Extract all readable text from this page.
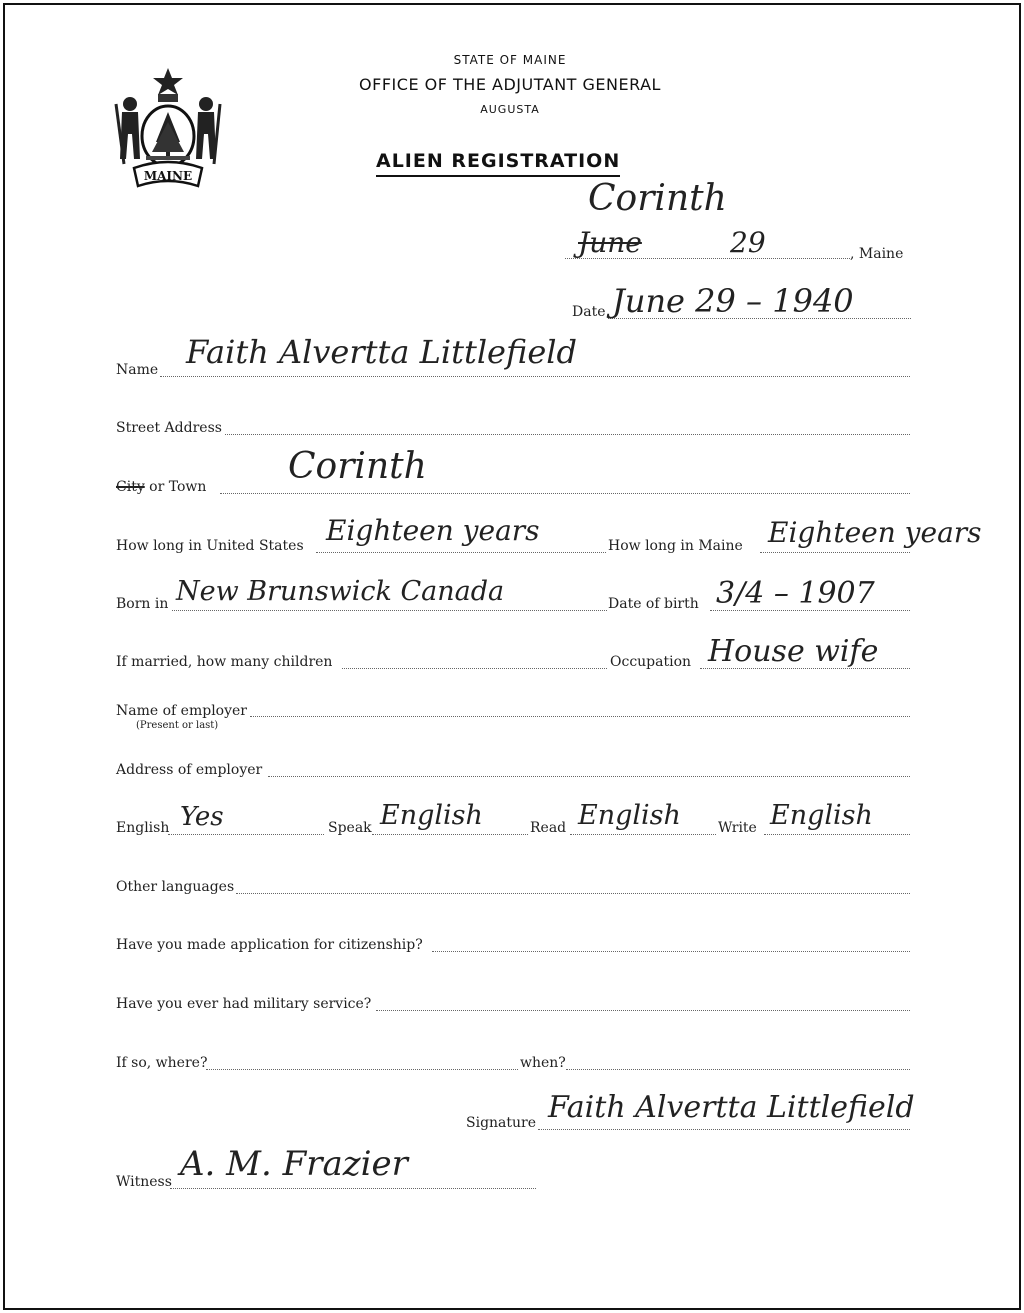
MAINE
STATE OF MAINE
OFFICE OF THE ADJUTANT GENERAL
AUGUSTA
ALIEN REGISTRATION
Corinth
June	29	, Maine
Date June 29 – 1940
Name Faith Alvertta Littlefield
Street Address
City or Town Corinth
How long in United States Eighteen years	How long in Maine Eighteen years
Born in New Brunswick Canada	Date of birth 3/4 – 1907
If married, how many children	Occupation House wife
Name of employer
(Present or last)
Address of employer
English Yes	Speak English	Read English	Write English
Other languages
Have you made application for citizenship?
Have you ever had military service?
If so, where?	when?
Signature Faith Alvertta Littlefield
Witness A. M. Frazier
